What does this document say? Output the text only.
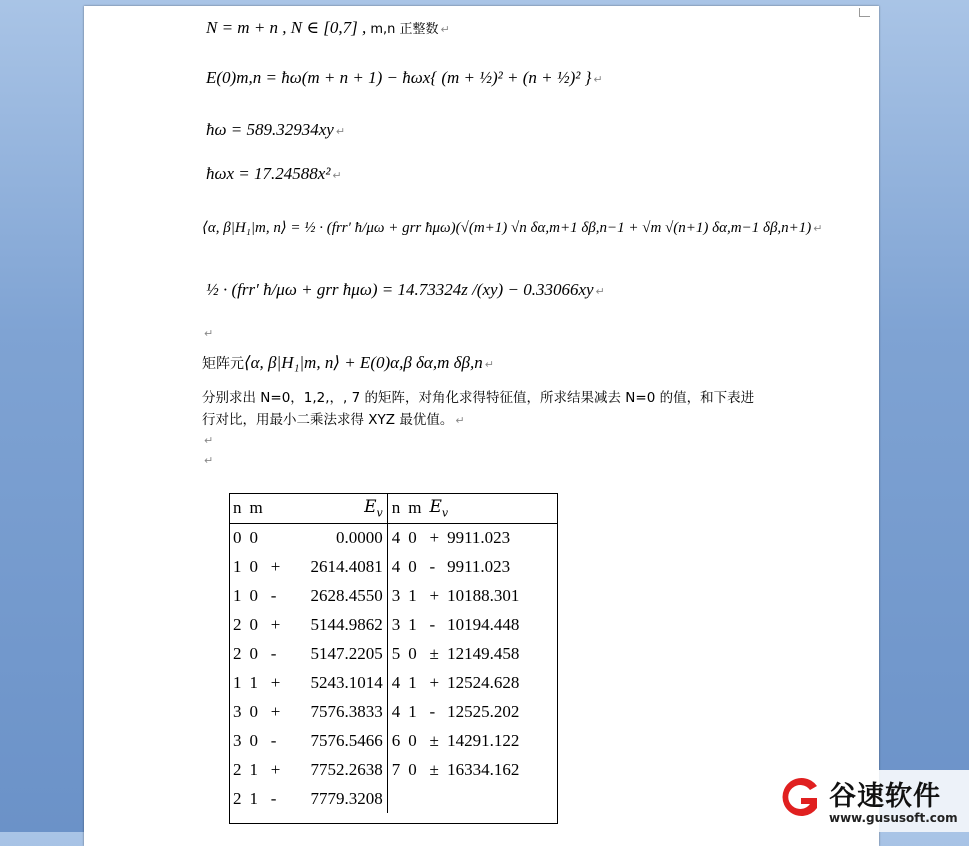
N = m + n , N ∈ [0,7] , m,n 正整数 ↵
E(0)m,n = ħω(m + n + 1) − ħωx{ (m + ½)² + (n + ½)² } ↵
ħω = 589.32934xy ↵
ħωx = 17.24588x² ↵
⟨α, β|H₁|m, n⟩ = ½ · (frr′ ħ/μω + grr ħμω)(√(m+1) √n δα,m+1 δβ,n−1 + √m √(n+1) δα,m−1 δβ,n+1) ↵
½ · (frr′ ħ/μω + grr ħμω) = 14.73324z /(xy) − 0.33066xy ↵
↵
矩阵元⟨α, β|H₁|m, n⟩ + E(0)α,β δα,m δβ,n ↵
分别求出 N=0，1,2,，, 7 的矩阵，对角化求得特征值，所求结果减去 N=0 的值，和下表进
行对比，用最小二乘法求得 XYZ 最优值。 ↵
↵
↵
n	m	$E_v$		n	m	$E_v$
0	0		0.0000	4	0	+	9911.023
1	0	+	2614.4081	4	0	-	9911.023
1	0	-	2628.4550	3	1	+	10188.301
2	0	+	5144.9862	3	1	-	10194.448
2	0	-	5147.2205	5	0	±	12149.458
1	1	+	5243.1014	4	1	+	12524.628
3	0	+	7576.3833	4	1	-	12525.202
3	0	-	7576.5466	6	0	±	14291.122
2	1	+	7752.2638	7	0	±	16334.162
2	1	-	7779.3208					谷速软件
www.gususoft.com
